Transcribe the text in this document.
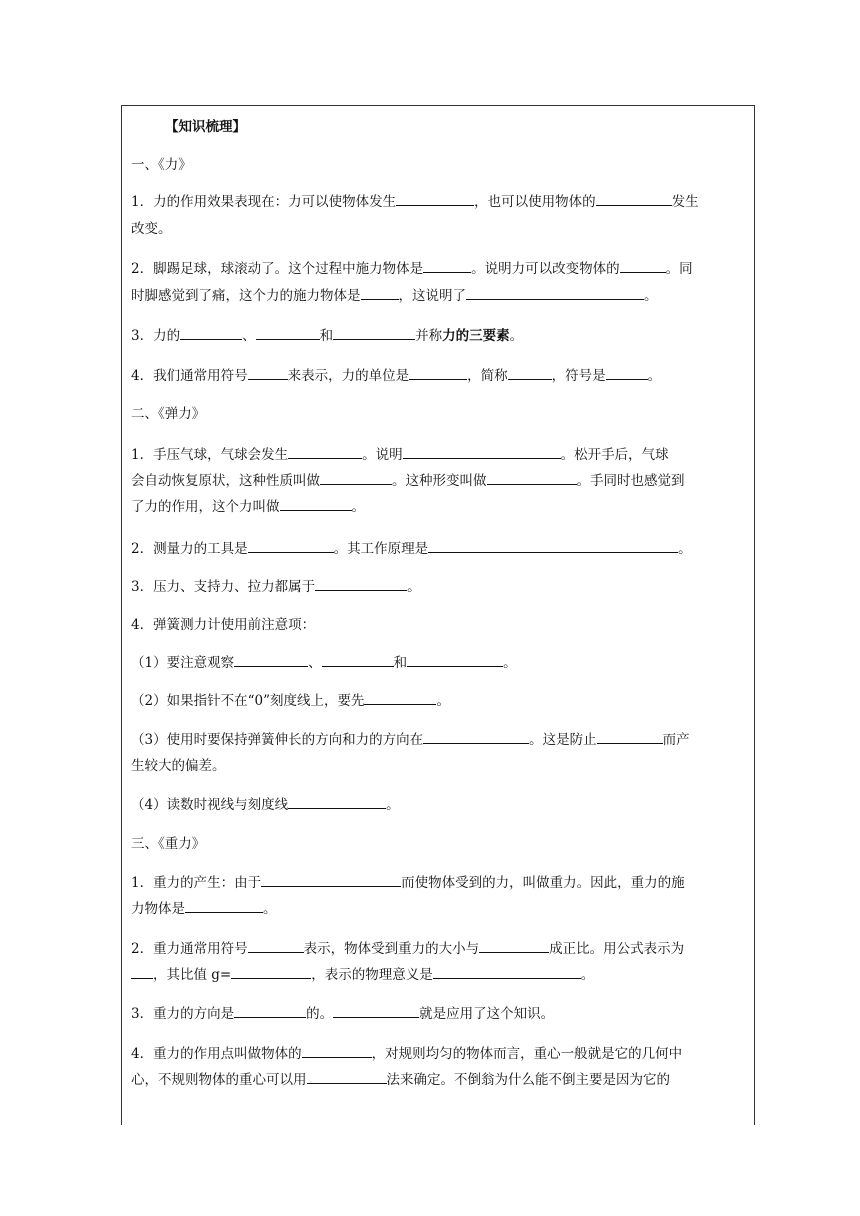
【知识梳理】
一、《力》
1．力的作用效果表现在：力可以使物体发生	，也可以使用物体的	发生
改变。
2．脚踢足球，球滚动了。这个过程中施力物体是	。说明力可以改变物体的	。同
时脚感觉到了痛，这个力的施力物体是	，这说明了	。
3．力的	、	和	并称力的三要素。
4．我们通常用符号	来表示，力的单位是	，简称	，符号是	。
二、《弹力》
1．手压气球，气球会发生	。说明	。松开手后，气球
会自动恢复原状，这种性质叫做	。这种形变叫做	。手同时也感觉到
了力的作用，这个力叫做	。
2．测量力的工具是	。其工作原理是	。
3．压力、支持力、拉力都属于	。
4．弹簧测力计使用前注意项：
（1）要注意观察	、	和	。
（2）如果指针不在“0”刻度线上，要先	。
（3）使用时要保持弹簧伸长的方向和力的方向在	。这是防止	而产
生较大的偏差。
（4）读数时视线与刻度线	。
三、《重力》
1．重力的产生：由于	而使物体受到的力，叫做重力。因此，重力的施
力物体是	。
2．重力通常用符号	表示，物体受到重力的大小与	成正比。用公式表示为
，其比值 g=	，表示的物理意义是	。
3．重力的方向是	的。	就是应用了这个知识。
4．重力的作用点叫做物体的	，对规则均匀的物体而言，重心一般就是它的几何中
心，不规则物体的重心可以用	法来确定。不倒翁为什么能不倒主要是因为它的
